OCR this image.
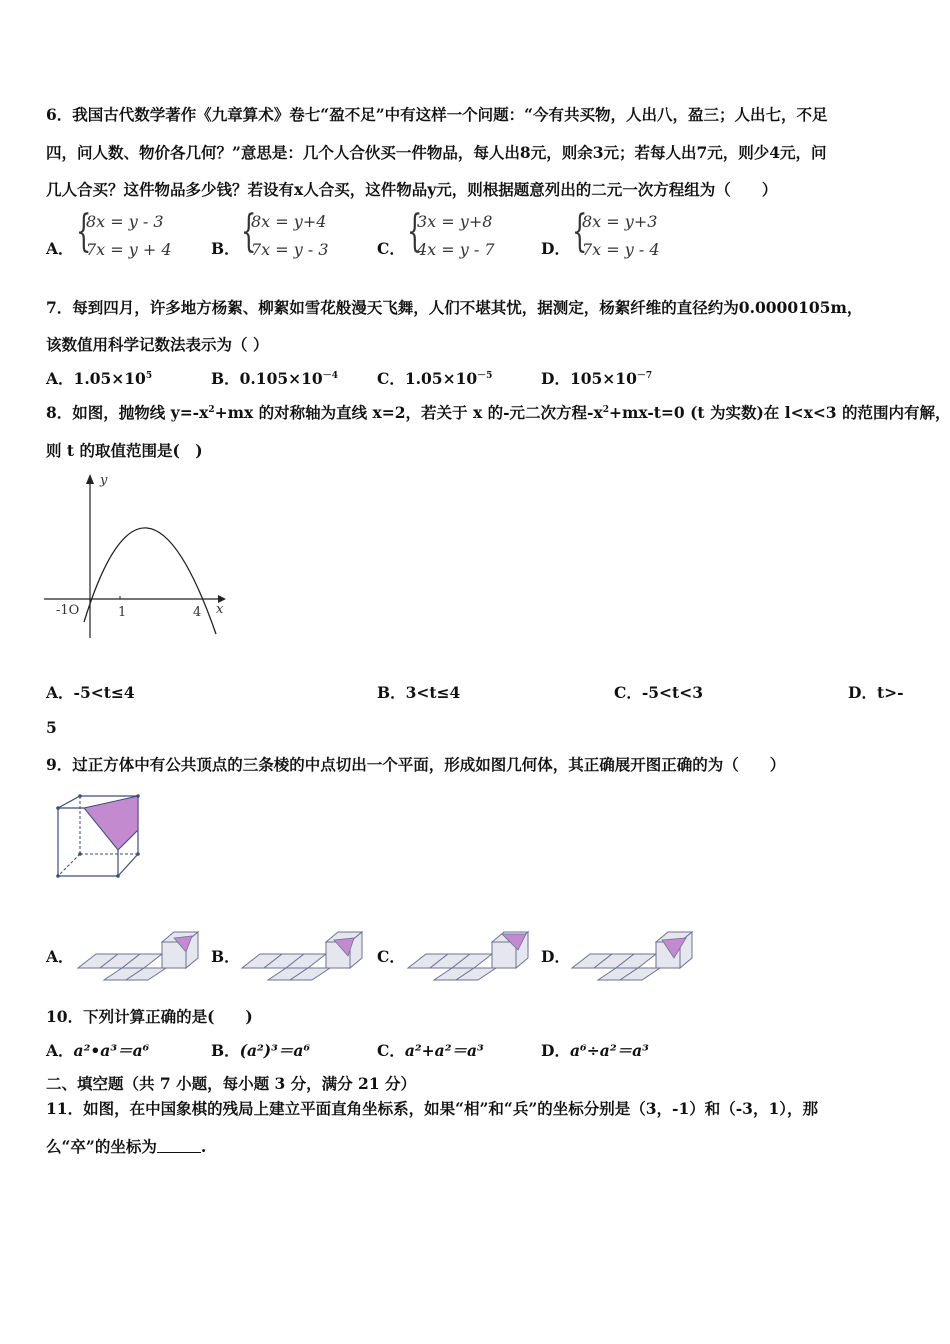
6．我国古代数学著作《九章算术》卷七“盈不足”中有这样一个问题：“今有共买物，人出八，盈三；人出七，不足
四，问人数、物价各几何？”意思是：几个人合伙买一件物品，每人出8元，则余3元；若每人出7元，则少4元，问
几人合买？这件物品多少钱？若设有x人合买，这件物品y元，则根据题意列出的二元一次方程组为（　　）
A． {
8x = y - 3
7x = y + 4	B． {
8x = y+4
7x = y - 3	C． {
3x = y+8
4x = y - 7	D． {
8x = y+3
7x = y - 4
7．每到四月，许多地方杨絮、柳絮如雪花般漫天飞舞，人们不堪其忧，据测定，杨絮纤维的直径约为0.0000105m，
该数值用科学记数法表示为（ ）
A．$1.05\times 10^5$	B．$0.105\times 10^{-4}$	C．$1.05\times 10^{-5}$	D．$105\times 10^{-7}$
8．如图，抛物线 $y=-x^2+mx$ 的对称轴为直线 x=2，若关于 x 的-元二次方程$-x^2+mx-t=0$ (t 为实数)在 l<x<3 的范围内有解，
则 t 的取值范围是(　)
y
x
-1O	1	4
A．-5<t≤4	B．3<t≤4	C．-5<t<3	D．t>-
5
9．过正方体中有公共顶点的三条棱的中点切出一个平面，形成如图几何体，其正确展开图正确的为（　　）
A．	B．	C．	D．
10．下列计算正确的是(　　)
A．a²•a³＝a⁶	B．(a²)³＝a⁶	C．a²+a²＝a³	D．a⁶÷a²＝a³
二、填空题（共 7 小题，每小题 3 分，满分 21 分）
11．如图，在中国象棋的残局上建立平面直角坐标系，如果“相”和“兵”的坐标分别是（3，-1）和（-3，1），那
么“卒”的坐标为	.
